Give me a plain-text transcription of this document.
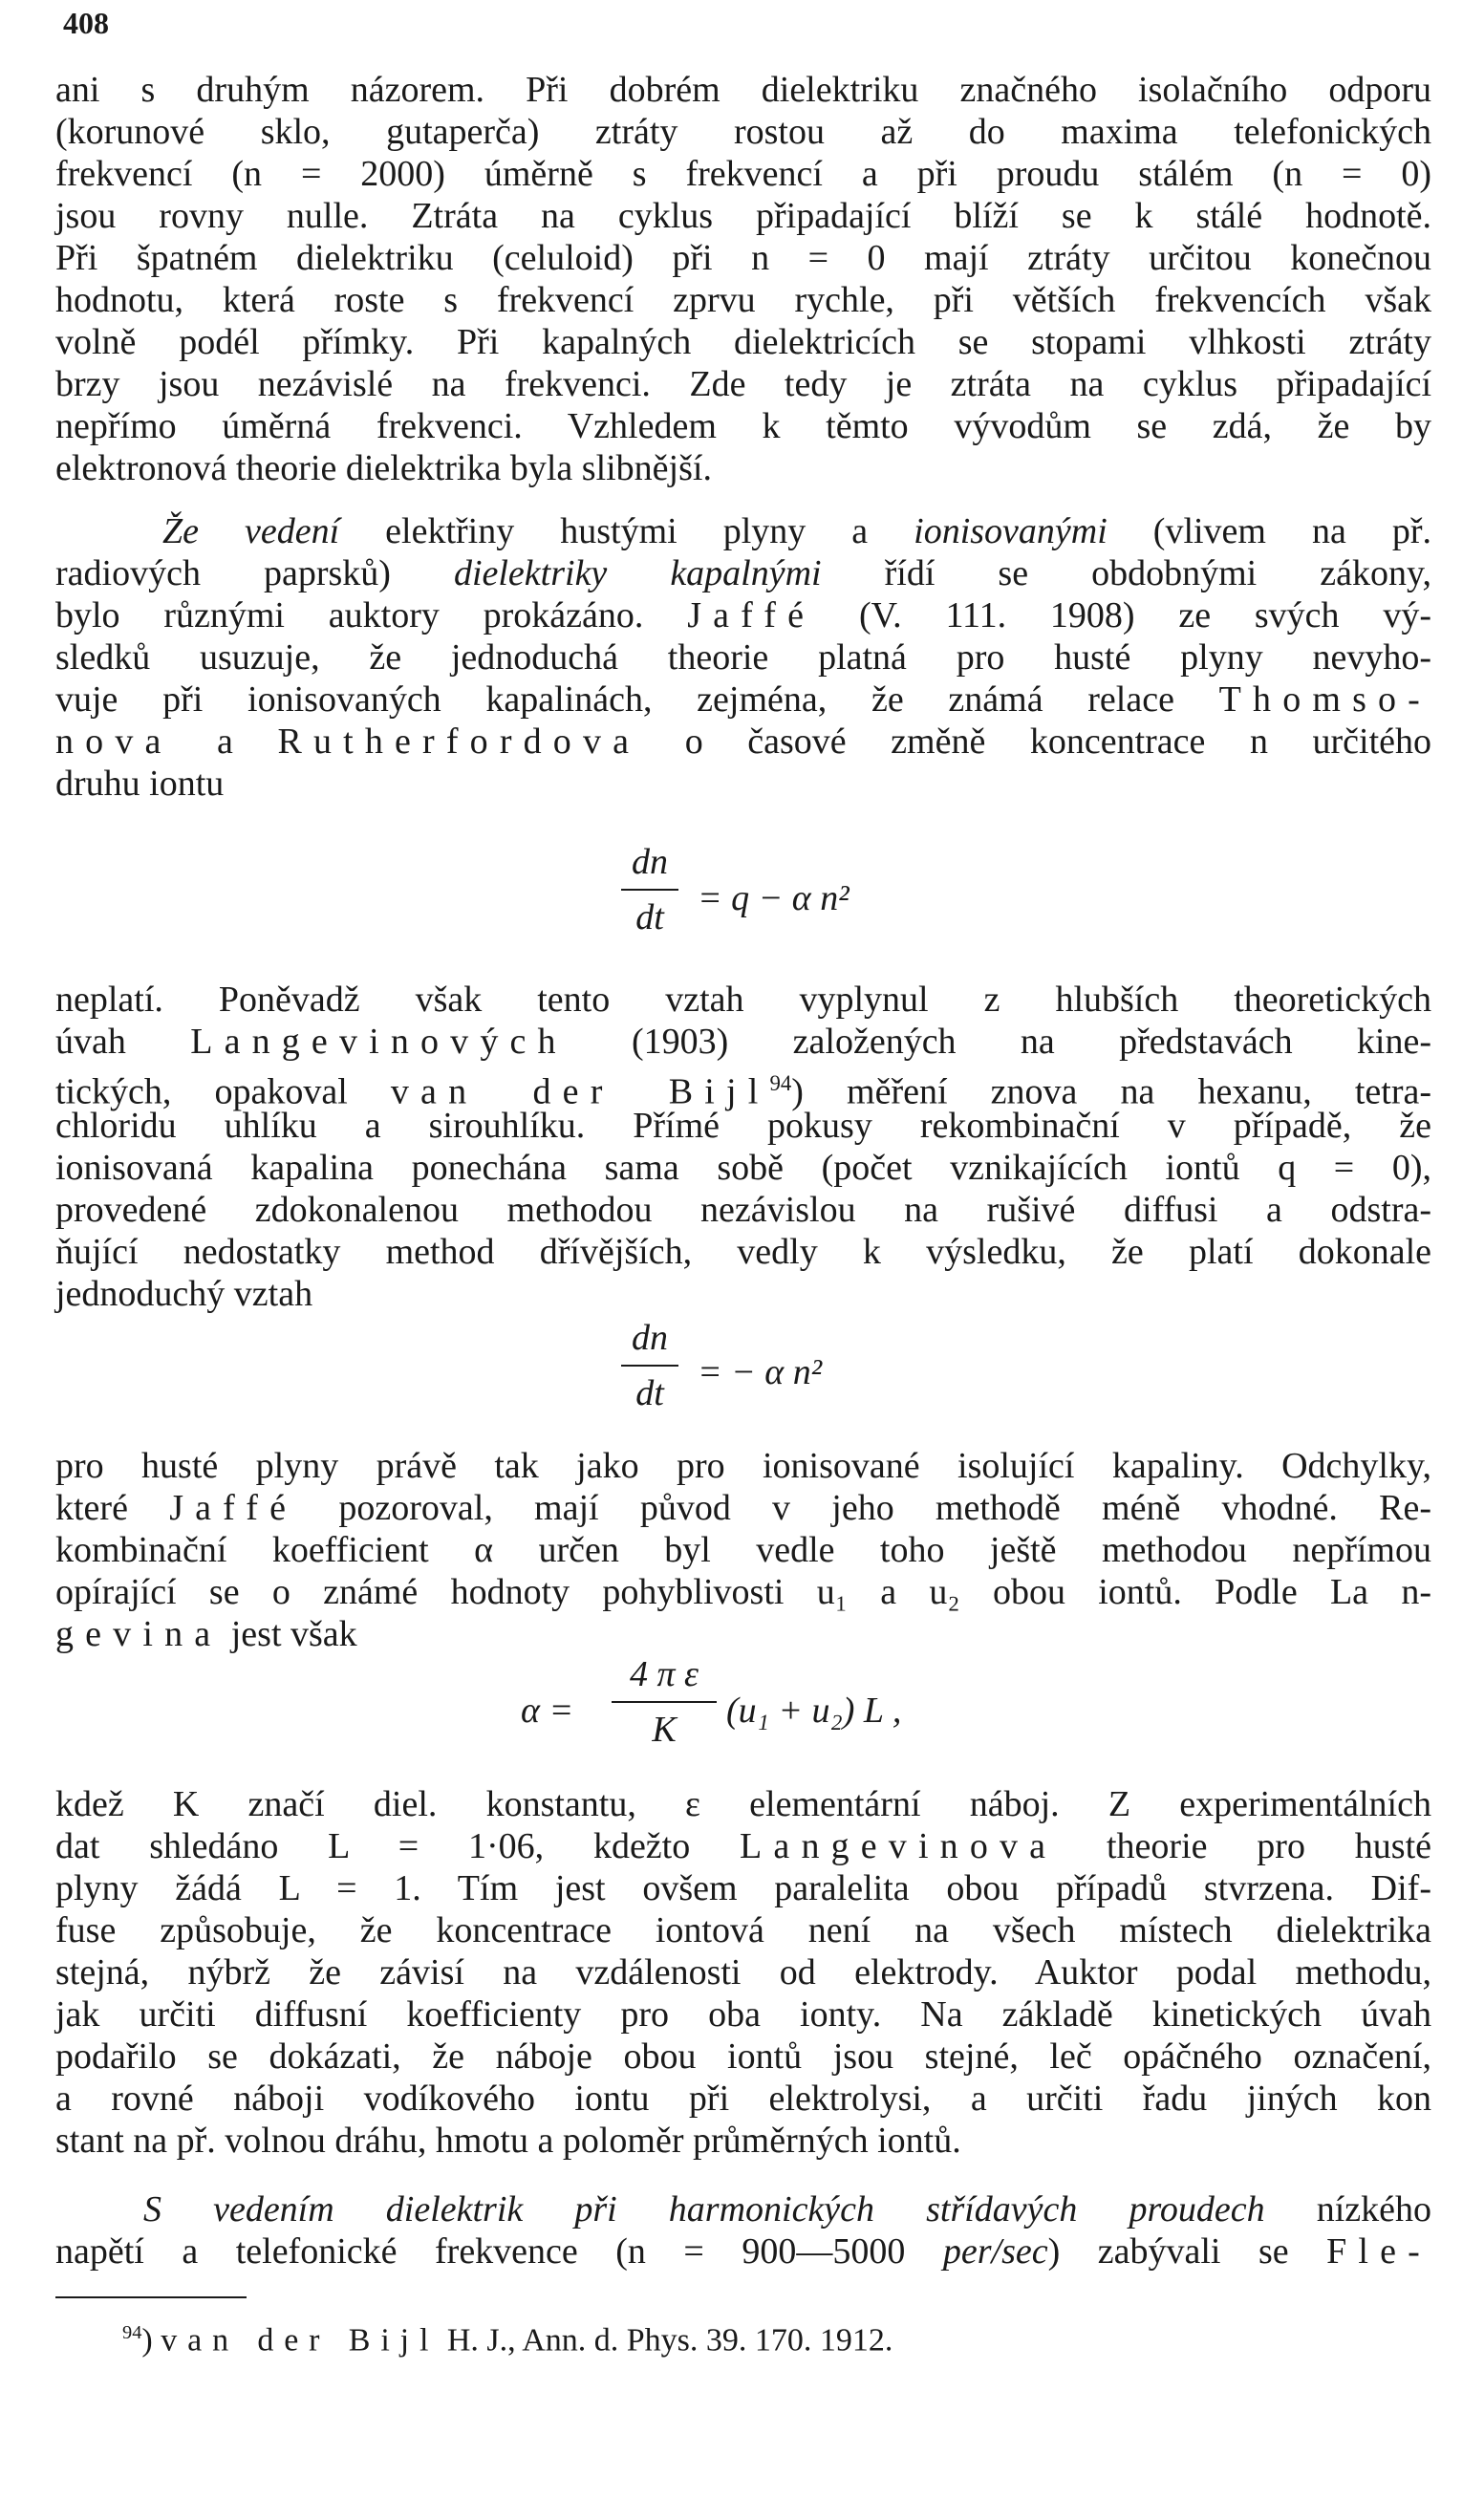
408
ani s druhým názorem. Při dobrém dielektriku značného isolačního odporu
(korunové sklo, gutaperča) ztráty rostou až do maxima telefonických
frekvencí (n = 2000) úměrně s frekvencí a při proudu stálém (n = 0)
jsou rovny nulle. Ztráta na cyklus připadající blíží se k stálé hodnotě.
Při špatném dielektriku (celuloid) při n = 0 mají ztráty určitou konečnou
hodnotu, která roste s frekvencí zprvu rychle, při větších frekvencích však
volně podél přímky. Při kapalných dielektricích se stopami vlhkosti ztráty
brzy jsou nezávislé na frekvenci. Zde tedy je ztráta na cyklus připadající
nepřímo úměrná frekvenci. Vzhledem k těmto vývodům se zdá, že by
elektronová theorie dielektrika byla slibnější.
Že vedení elektřiny hustými plyny a ionisovanými (vlivem na př.
radiových paprsků) dielektriky kapalnými řídí se obdobnými zákony,
bylo různými auktory prokázáno. Jaffé (V. 111. 1908) ze svých vý-
sledků usuzuje, že jednoduchá theorie platná pro husté plyny nevyho-
vuje při ionisovaných kapalinách, zejména, že známá relace Thomso-
nova a Rutherfordova o časové změně koncentrace n určitého
druhu iontu
dn
dt = q − α n²
neplatí. Poněvadž však tento vztah vyplynul z hlubších theoretických
úvah Langevinových (1903) založených na představách kine-
tických, opakoval van der Bijl$^{94}$) měření znova na hexanu, tetra-
chloridu uhlíku a sirouhlíku. Přímé pokusy rekombinační v případě, že
ionisovaná kapalina ponechána sama sobě (počet vznikajících iontů q = 0),
provedené zdokonalenou methodou nezávislou na rušivé diffusi a odstra-
ňující nedostatky method dřívějších, vedly k výsledku, že platí dokonale
jednoduchý vztah
dn
dt
= − α n²
pro husté plyny právě tak jako pro ionisované isolující kapaliny. Odchylky,
které Jaffé pozoroval, mají původ v jeho methodě méně vhodné. Re-
kombinační koefficient α určen byl vedle toho ještě methodou nepřímou
opírající se o známé hodnoty pohyblivosti u₁ a u₂ obou iontů. Podle La n-
gevina jest však
α =
4 π ε
K	(u₁ + u₂) L ,
kdež K značí diel. konstantu, ε elementární náboj. Z experimentálních
dat shledáno L = 1·06, kdežto Langevinova theorie pro husté
plyny žádá L = 1. Tím jest ovšem paralelita obou případů stvrzena. Dif-
fuse způsobuje, že koncentrace iontová není na všech místech dielektrika
stejná, nýbrž že závisí na vzdálenosti od elektrody. Auktor podal methodu,
jak určiti diffusní koefficienty pro oba ionty. Na základě kinetických úvah
podařilo se dokázati, že náboje obou iontů jsou stejné, leč opáčného označení,
a rovné náboji vodíkového iontu při elektrolysi, a určiti řadu jiných kon
stant na př. volnou dráhu, hmotu a poloměr průměrných iontů.
S vedením dielektrik při harmonických střídavých proudech nízkého
napětí a telefonické frekvence (n = 900—5000 per/sec) zabývali se Fle-
$^{94}$) van der Bijl H. J., Ann. d. Phys. 39. 170. 1912.
